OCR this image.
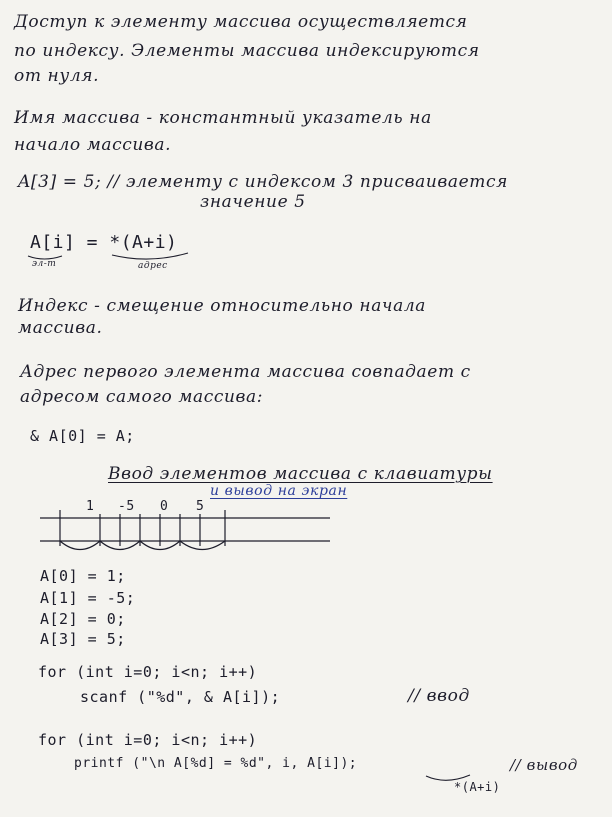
Доступ к элементу массива осуществляется
по индексу. Элементы массива индексируются
от нуля.
Имя массива - константный указатель на
начало массива.
A[3] = 5; // элементу с индексом 3 присваивается
значение 5
A[i] = *(A+i)
эл-т	адрес
Индекс - смещение относительно начала
массива.
Адрес первого элемента массива совпадает с
адресом самого массива:
& A[0] = A;
Ввод элементов массива с клавиатуры
и вывод на экран
1 -5 0 5
A[0] = 1;
A[1] = -5;
A[2] = 0;
A[3] = 5;
for (int i=0; i<n; i++)
scanf ("%d", & A[i]);	// ввод
for (int i=0; i<n; i++)
printf ("\n A[%d] = %d", i, A[i]);	// вывод
*(A+i)
